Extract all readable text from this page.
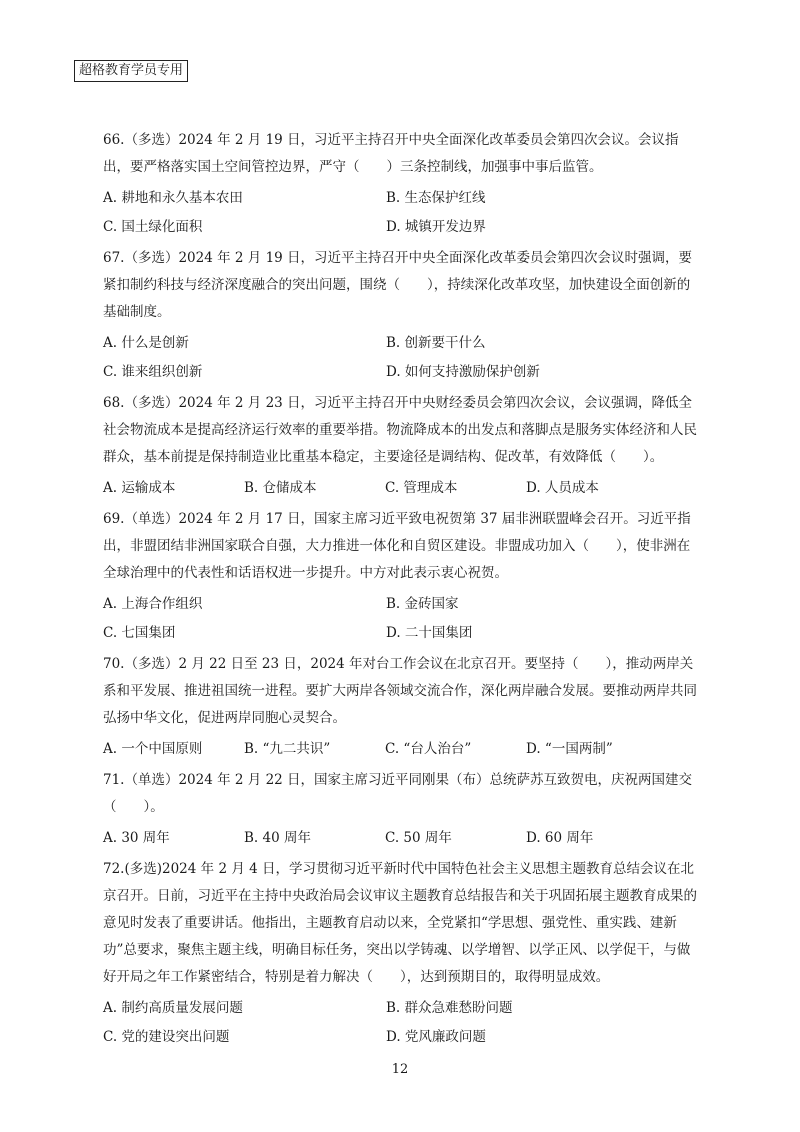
超格教育学员专用

66.（多选）2024 年 2 月 19 日，习近平主持召开中央全面深化改革委员会第四次会议。会议指出，要严格落实国土空间管控边界，严守（　　）三条控制线，加强事中事后监管。

A. 耕地和永久基本农田	B. 生态保护红线
C. 国土绿化面积	D. 城镇开发边界

67.（多选）2024 年 2 月 19 日，习近平主持召开中央全面深化改革委员会第四次会议时强调，要紧扣制约科技与经济深度融合的突出问题，围绕（　　），持续深化改革攻坚，加快建设全面创新的基础制度。

A. 什么是创新	B. 创新要干什么
C. 谁来组织创新	D. 如何支持激励保护创新

68.（多选）2024 年 2 月 23 日，习近平主持召开中央财经委员会第四次会议，会议强调，降低全社会物流成本是提高经济运行效率的重要举措。物流降成本的出发点和落脚点是服务实体经济和人民群众，基本前提是保持制造业比重基本稳定，主要途径是调结构、促改革，有效降低（　　）。

A. 运输成本	B. 仓储成本	C. 管理成本	D. 人员成本

69.（单选）2024 年 2 月 17 日，国家主席习近平致电祝贺第 37 届非洲联盟峰会召开。习近平指出，非盟团结非洲国家联合自强，大力推进一体化和自贸区建设。非盟成功加入（　　），使非洲在全球治理中的代表性和话语权进一步提升。中方对此表示衷心祝贺。

A. 上海合作组织	B. 金砖国家
C. 七国集团	D. 二十国集团

70.（多选）2 月 22 日至 23 日，2024 年对台工作会议在北京召开。要坚持（　　），推动两岸关系和平发展、推进祖国统一进程。要扩大两岸各领域交流合作，深化两岸融合发展。要推动两岸共同弘扬中华文化，促进两岸同胞心灵契合。

A. 一个中国原则	B. “九二共识”	C. “台人治台”	D. “一国两制”

71.（单选）2024 年 2 月 22 日，国家主席习近平同刚果（布）总统萨苏互致贺电，庆祝两国建交（　　）。

A. 30 周年	B. 40 周年	C. 50 周年	D. 60 周年

72.(多选)2024 年 2 月 4 日，学习贯彻习近平新时代中国特色社会主义思想主题教育总结会议在北京召开。日前，习近平在主持中央政治局会议审议主题教育总结报告和关于巩固拓展主题教育成果的意见时发表了重要讲话。他指出，主题教育启动以来，全党紧扣“学思想、强党性、重实践、建新功”总要求，聚焦主题主线，明确目标任务，突出以学铸魂、以学增智、以学正风、以学促干，与做好开局之年工作紧密结合，特别是着力解决（　　），达到预期目的，取得明显成效。

A. 制约高质量发展问题	B. 群众急难愁盼问题
C. 党的建设突出问题	D. 党风廉政问题
12
